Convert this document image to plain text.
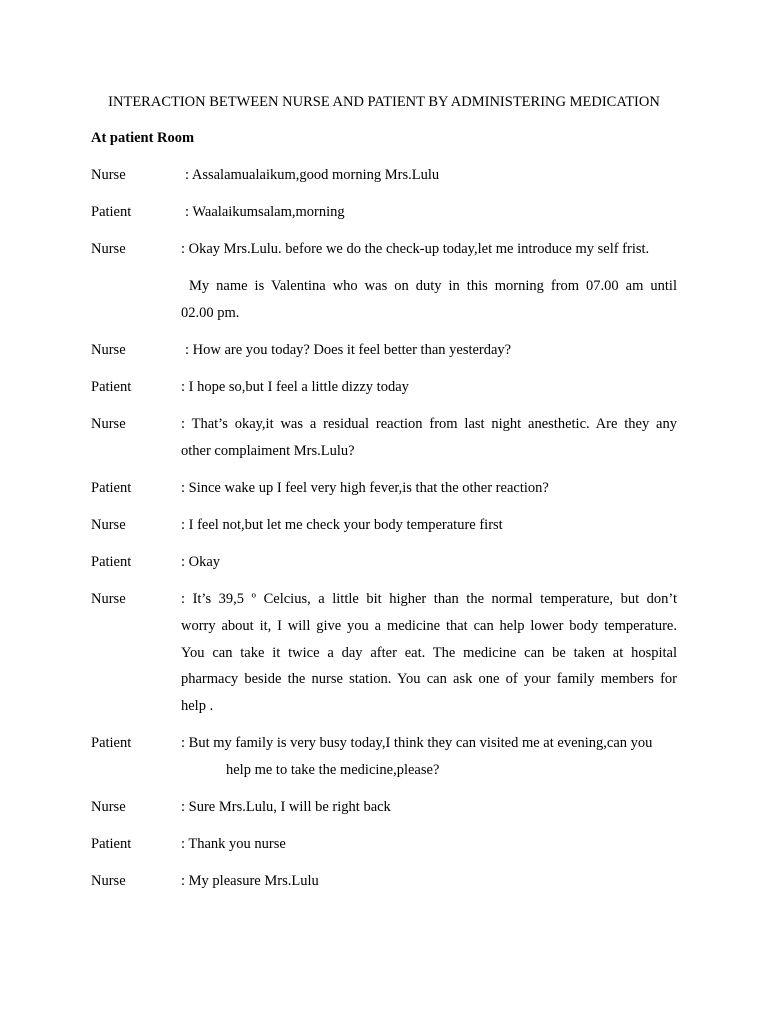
INTERACTION BETWEEN NURSE AND PATIENT BY ADMINISTERING MEDICATION
At patient Room
Nurse	: Assalamualaikum,good morning Mrs.Lulu
Patient	: Waalaikumsalam,morning
Nurse	: Okay Mrs.Lulu. before we do the check-up today,let me introduce my self frist.
My name is Valentina who was on duty in this morning from 07.00 am until
02.00 pm.
Nurse	: How are you today? Does it feel better than yesterday?
Patient	: I hope so,but I feel a little dizzy today
Nurse	: That’s okay,it was a residual reaction from last night anesthetic. Are they any
other complaiment Mrs.Lulu?
Patient	: Since wake up I feel very high fever,is that the other reaction?
Nurse	: I feel not,but let me check your body temperature first
Patient	: Okay
Nurse	: It’s 39,5 º Celcius, a little bit higher than the normal temperature, but don’t
worry about it, I will give you a medicine that can help lower body temperature.
You can take it twice a day after eat. The medicine can be taken at hospital
pharmacy beside the nurse station. You can ask one of your family members for
help .
Patient	: But my family is very busy today,I think they can visited me at evening,can you
help me to take the medicine,please?
Nurse	: Sure Mrs.Lulu, I will be right back
Patient	: Thank you nurse
Nurse	: My pleasure Mrs.Lulu
